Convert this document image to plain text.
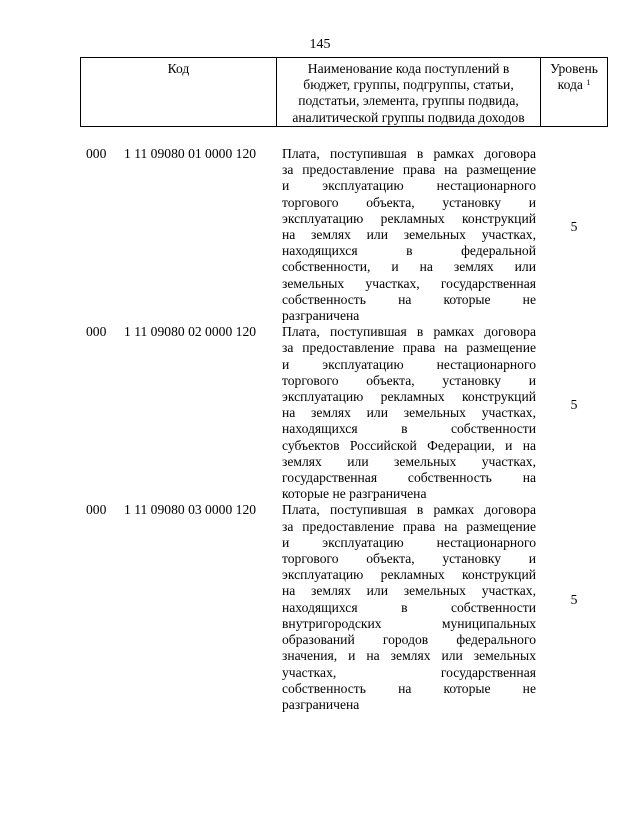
145
Код	Наименование кода поступлений в
бюджет, группы, подгруппы, статьи,
подстатьи, элемента, группы подвида,
аналитической группы подвида доходов
Уровень
кода $^1$
000 1 11 09080 01 0000 120 Плата, поступившая в рамках договора
за предоставление права на размещение
и эксплуатацию нестационарного
торгового объекта, установку и
эксплуатацию рекламных конструкций
на землях или земельных участках,
находящихся в федеральной
собственности, и на землях или
земельных участках, государственная
собственность на которые не
разграничена
5
000 1 11 09080 02 0000 120 Плата, поступившая в рамках договора
за предоставление права на размещение
и эксплуатацию нестационарного
торгового объекта, установку и
эксплуатацию рекламных конструкций
на землях или земельных участках,
находящихся в собственности
субъектов Российской Федерации, и на
землях или земельных участках,
государственная собственность на
которые не разграничена
5
000 1 11 09080 03 0000 120 Плата, поступившая в рамках договора
за предоставление права на размещение
и эксплуатацию нестационарного
торгового объекта, установку и
эксплуатацию рекламных конструкций
на землях или земельных участках,
находящихся в собственности
внутригородских муниципальных
образований городов федерального
значения, и на землях или земельных
участках, государственная
собственность на которые не
разграничена
5
